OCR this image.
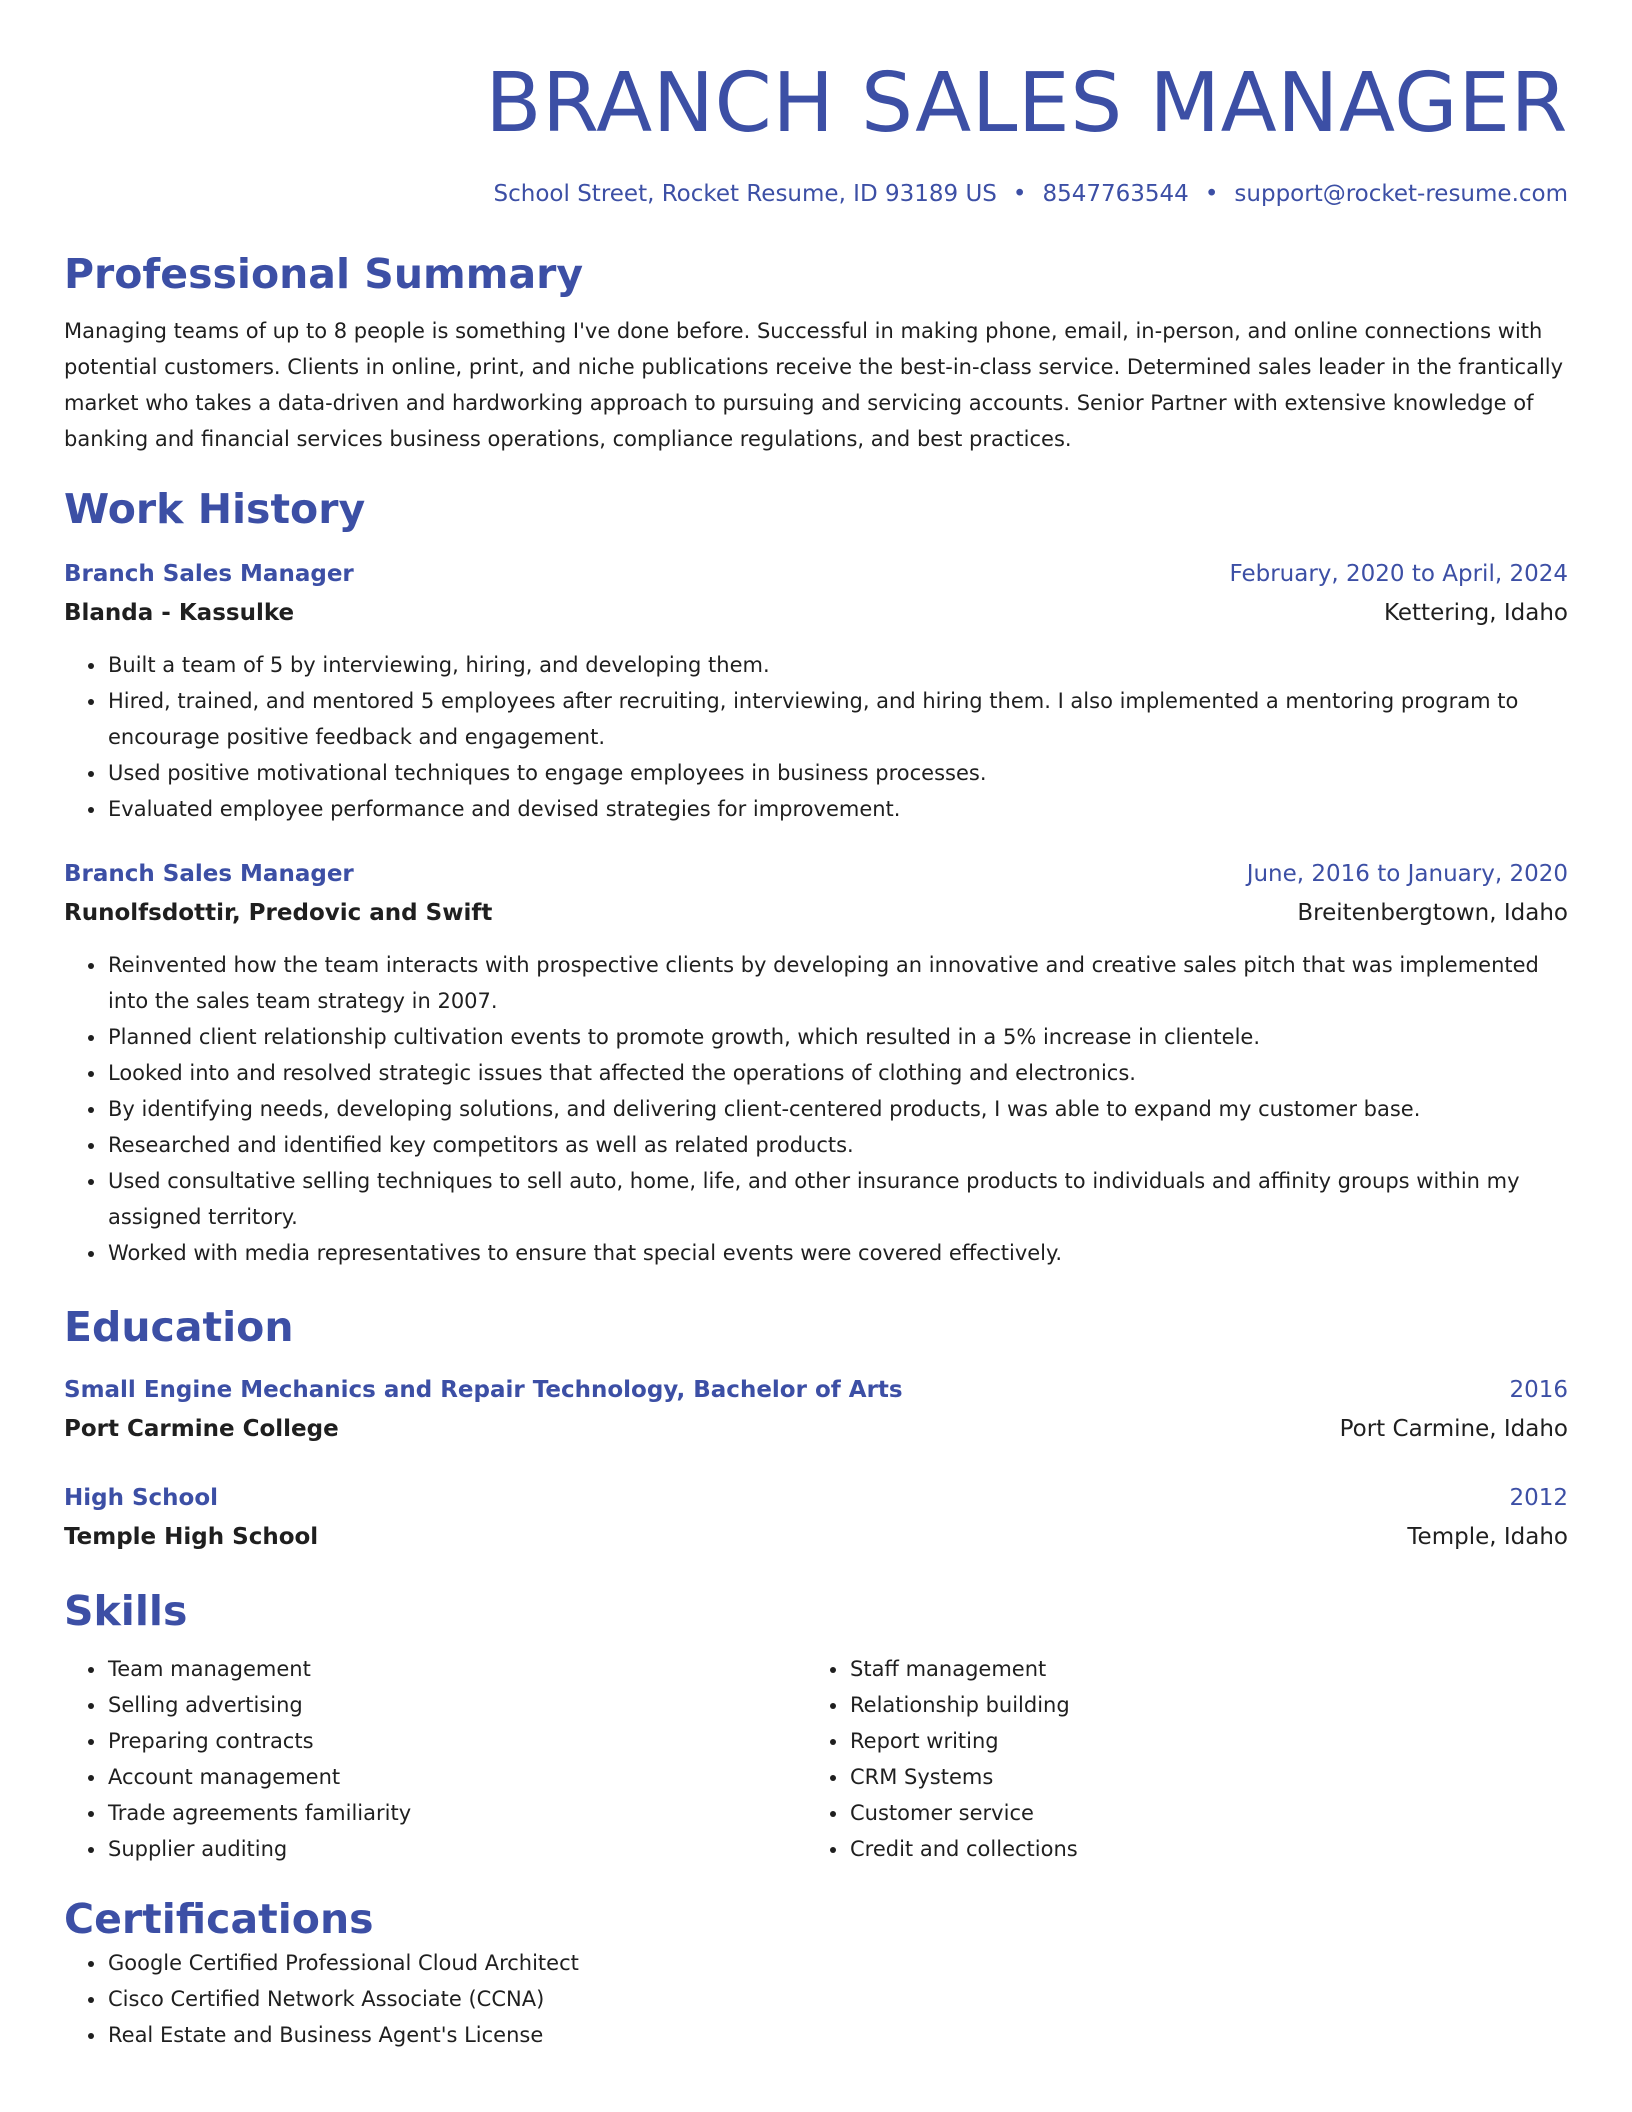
BRANCH SALES MANAGER
School Street, Rocket Resume, ID 93189 US • 8547763544 • support@rocket-resume.com
Professional Summary
Managing teams of up to 8 people is something I've done before. Successful in making phone, email, in-person, and online connections with potential customers. Clients in online, print, and niche publications receive the best-in-class service. Determined sales leader in the frantically market who takes a data-driven and hardworking approach to pursuing and servicing accounts. Senior Partner with extensive knowledge of banking and financial services business operations, compliance regulations, and best practices.
Work History
Branch Sales Manager	February, 2020 to April, 2024
Blanda - Kassulke	Kettering, Idaho
• Built a team of 5 by interviewing, hiring, and developing them.
• Hired, trained, and mentored 5 employees after recruiting, interviewing, and hiring them. I also implemented a mentoring program to encourage positive feedback and engagement.
• Used positive motivational techniques to engage employees in business processes.
• Evaluated employee performance and devised strategies for improvement.
Branch Sales Manager	June, 2016 to January, 2020
Runolfsdottir, Predovic and Swift	Breitenbergtown, Idaho
• Reinvented how the team interacts with prospective clients by developing an innovative and creative sales pitch that was implemented into the sales team strategy in 2007.
• Planned client relationship cultivation events to promote growth, which resulted in a 5% increase in clientele.
• Looked into and resolved strategic issues that affected the operations of clothing and electronics.
• By identifying needs, developing solutions, and delivering client-centered products, I was able to expand my customer base.
• Researched and identified key competitors as well as related products.
• Used consultative selling techniques to sell auto, home, life, and other insurance products to individuals and affinity groups within my assigned territory.
• Worked with media representatives to ensure that special events were covered effectively.
Education
Small Engine Mechanics and Repair Technology, Bachelor of Arts	2016
Port Carmine College	Port Carmine, Idaho
High School	2012
Temple High School	Temple, Idaho
Skills
• Team management
• Selling advertising
• Preparing contracts
• Account management
• Trade agreements familiarity
• Supplier auditing
• Staff management
• Relationship building
• Report writing
• CRM Systems
• Customer service
• Credit and collections
Certifications
• Google Certified Professional Cloud Architect
• Cisco Certified Network Associate (CCNA)
• Real Estate and Business Agent's License
